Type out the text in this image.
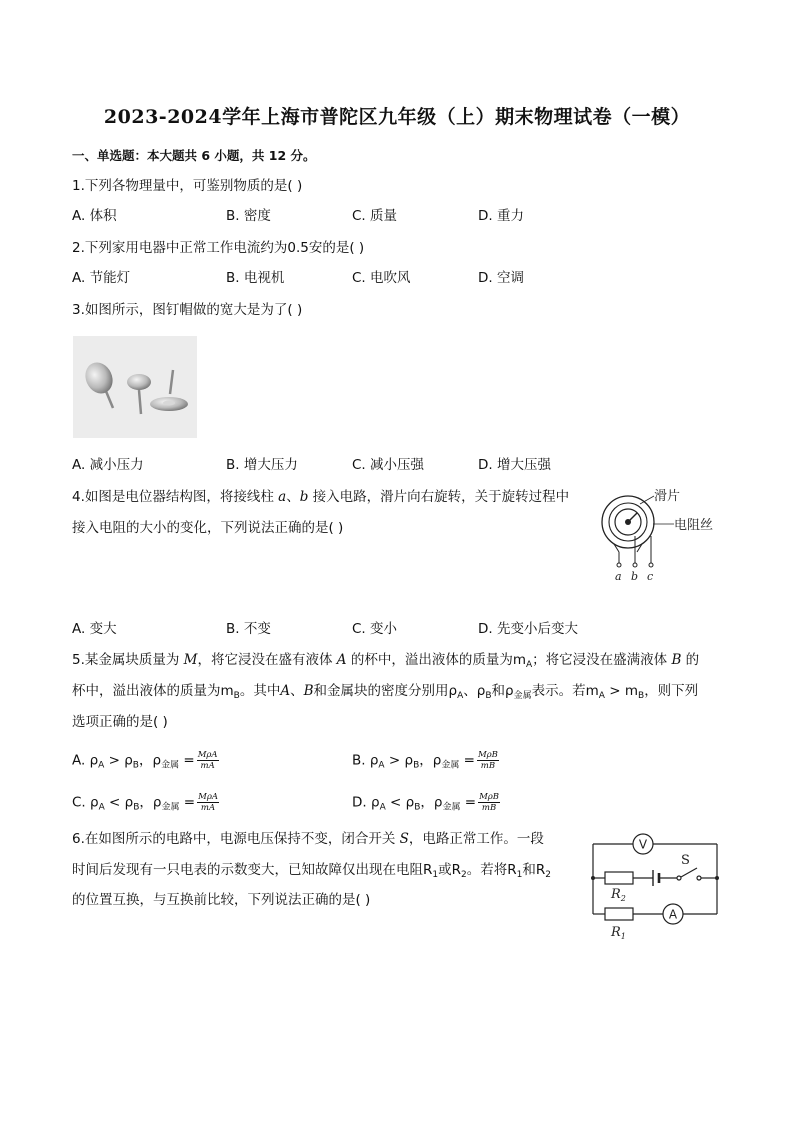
2023-2024学年上海市普陀区九年级（上）期末物理试卷（一模）
一、单选题：本大题共 6 小题，共 12 分。
1.下列各物理量中，可鉴别物质的是( )
A. 体积	B. 密度	C. 质量	D. 重力
2.下列家用电器中正常工作电流约为0.5安的是( )
A. 节能灯	B. 电视机	C. 电吹风	D. 空调
3.如图所示，图钉帽做的宽大是为了( )
A. 减小压力	B. 增大压力	C. 减小压强	D. 增大压强
4.如图是电位器结构图，将接线柱 a、b 接入电路，滑片向右旋转，关于旋转过程中
接入电阻的大小的变化，下列说法正确的是( )
滑片
电阻丝
a b c
A. 变大	B. 不变	C. 变小	D. 先变小后变大
5.某金属块质量为 M，将它浸没在盛有液体 A 的杯中，溢出液体的质量为$m_A$；将它浸没在盛满液体 B 的
杯中，溢出液体的质量为$m_B$。其中A、B和金属块的密度分别用$\rho_A$、$\rho_B$和$\rho_{金属}$表示。若$m_A > m_B$，则下列
选项正确的是( )
A. $\rho_A > \rho_B$，$\rho_{金属} = \frac{\text{MρA}}{mA}$	B. $\rho_A > \rho_B$，$\rho_{金属} = \frac{\text{MρB}}{mB}$
C. $\rho_A < \rho_B$，$\rho_{金属} = \frac{\text{MρA}}{mA}$	D. $\rho_A < \rho_B$，$\rho_{金属} = \frac{\text{MρB}}{mB}$
6.在如图所示的电路中，电源电压保持不变，闭合开关 S，电路正常工作。一段
时间后发现有一只电表的示数变大，已知故障仅出现在电阻$R_1$或$R_2$。若将$R_1$和$R_2$
的位置互换，与互换前比较，下列说法正确的是( )
V
A
S
$R_2$
$R_1$
